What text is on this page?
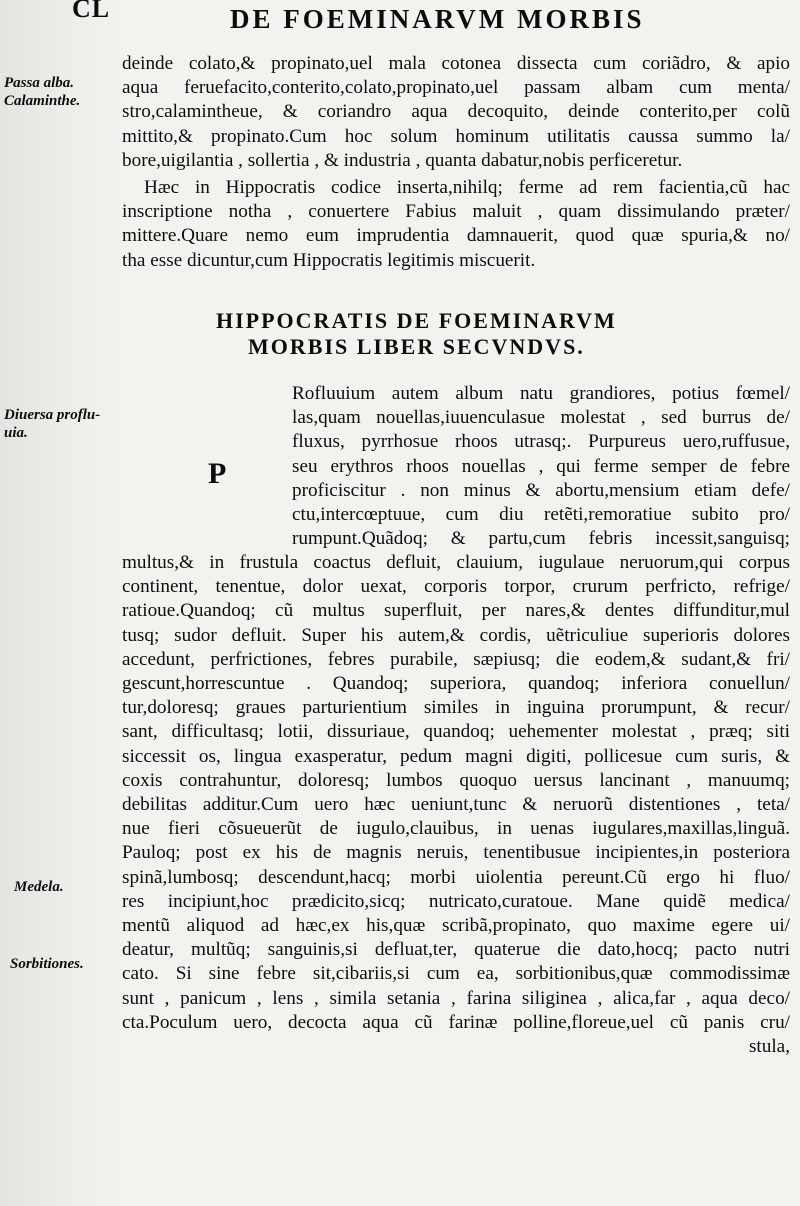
CL	DE FOEMINARVM MORBIS
Passa alba.
Calaminthe.
Diuersa proflu-
uia.
Medela.
Sorbitiones.

deinde colato,& propinato,uel mala cotonea dissecta cum coriãdro, & apio
aqua feruefacito,conterito,colato,propinato,uel passam albam cum menta/
stro,calamintheue, & coriandro aqua decoquito, deinde conterito,per colũ
mittito,& propinato.Cum hoc solum hominum utilitatis caussa summo la/
bore,uigilantia , sollertia , & industria , quanta dabatur,nobis perficeretur.

Hæc in Hippocratis codice inserta,nihilq; ferme ad rem facientia,cũ hac
inscriptione notha , conuertere Fabius maluit , quam dissimulando præter/
mittere.Quare nemo eum imprudentia damnauerit, quod quæ spuria,& no/
tha esse dicuntur,cum Hippocratis legitimis miscuerit.

HIPPOCRATIS DE FOEMINARVM
MORBIS LIBER SECVNDVS.
P

Rofluuium autem album natu grandiores, potius fœmel/
las,quam nouellas,iuuenculasue molestat , sed burrus de/
fluxus, pyrrhosue rhoos utrasq;. Purpureus uero,ruffusue,
seu erythros rhoos nouellas , qui ferme semper de febre
proficiscitur . non minus & abortu,mensium etiam defe/
ctu,intercœptuue, cum diu retẽti,remoratiue subito pro/
rumpunt.Quãdoq; & partu,cum febris incessit,sanguisq;

multus,& in frustula coactus defluit, clauium, iugulaue neruorum,qui corpus
continent, tenentue, dolor uexat, corporis torpor, crurum perfricto, refrige/
ratioue.Quandoq; cũ multus superfluit, per nares,& dentes diffunditur,mul
tusq; sudor defluit. Super his autem,& cordis, uẽtriculiue superioris dolores
accedunt, perfrictiones, febres purabile, sæpiusq; die eodem,& sudant,& fri/
gescunt,horrescuntue . Quandoq; superiora, quandoq; inferiora conuellun/
tur,doloresq; graues parturientium similes in inguina prorumpunt, & recur/
sant, difficultasq; lotii, dissuriaue, quandoq; uehementer molestat , præq; siti
siccessit os, lingua exasperatur, pedum magni digiti, pollicesue cum suris, &
coxis contrahuntur, doloresq; lumbos quoquo uersus lancinant , manuumq;
debilitas additur.Cum uero hæc ueniunt,tunc & neruorũ distentiones , teta/
nue fieri cõsueuerũt de iugulo,clauibus, in uenas iugulares,maxillas,linguã.
Pauloq; post ex his de magnis neruis, tenentibusue incipientes,in posteriora
spinã,lumbosq; descendunt,hacq; morbi uiolentia pereunt.Cũ ergo hi fluo/
res incipiunt,hoc prædicito,sicq; nutricato,curatoue. Mane quidẽ medica/
mentũ aliquod ad hæc,ex his,quæ scribã,propinato, quo maxime egere ui/
deatur, multũq; sanguinis,si defluat,ter, quaterue die dato,hocq; pacto nutri
cato. Si sine febre sit,cibariis,si cum ea, sorbitionibus,quæ commodissimæ
sunt , panicum , lens , simila setania , farina siliginea , alica,far , aqua deco/
cta.Poculum uero, decocta aqua cũ farinæ polline,floreue,uel cũ panis cru/
stula,
